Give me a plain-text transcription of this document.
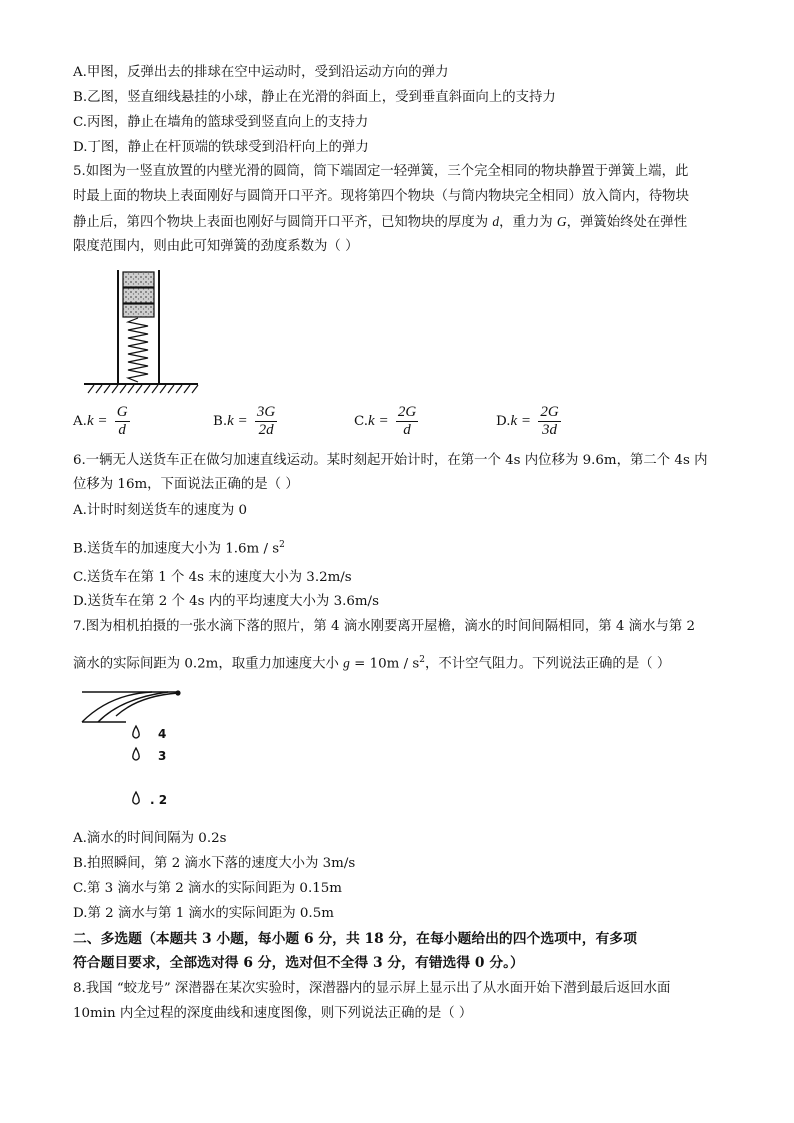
A.甲图，反弹出去的排球在空中运动时，受到沿运动方向的弹力
B.乙图，竖直细线悬挂的小球，静止在光滑的斜面上，受到垂直斜面向上的支持力
C.丙图，静止在墙角的篮球受到竖直向上的支持力
D.丁图，静止在杆顶端的铁球受到沿杆向上的弹力
5.如图为一竖直放置的内壁光滑的圆筒，筒下端固定一轻弹簧，三个完全相同的物块静置于弹簧上端，此
时最上面的物块上表面刚好与圆筒开口平齐。现将第四个物块（与筒内物块完全相同）放入筒内，待物块
静止后，第四个物块上表面也刚好与圆筒开口平齐，已知物块的厚度为 d，重力为 G，弹簧始终处在弹性
限度范围内，则由此可知弹簧的劲度系数为（ ）
$A.k = \frac{G}{d}$	$B.k = \frac{3G}{2d}$	$C.k = \frac{2G}{d}$	$D.k = \frac{2G}{3d}$
6.一辆无人送货车正在做匀加速直线运动。某时刻起开始计时，在第一个 4s 内位移为 9.6m，第二个 4s 内
位移为 16m，下面说法正确的是（ ）
A.计时时刻送货车的速度为 0
B.送货车的加速度大小为 $1.6m / s^2$
C.送货车在第 1 个 4s 末的速度大小为 3.2m/s
D.送货车在第 2 个 4s 内的平均速度大小为 3.6m/s
7.图为相机拍摄的一张水滴下落的照片，第 4 滴水刚要离开屋檐，滴水的时间间隔相同，第 4 滴水与第 2
滴水的实际间距为 0.2m，取重力加速度大小 $g = 10m / s^2$，不计空气阻力。下列说法正确的是（ ）
4
3
. 2
A.滴水的时间间隔为 0.2s
B.拍照瞬间，第 2 滴水下落的速度大小为 3m/s
C.第 3 滴水与第 2 滴水的实际间距为 0.15m
D.第 2 滴水与第 1 滴水的实际间距为 0.5m
二、多选题（本题共 3 小题，每小题 6 分，共 18 分，在每小题给出的四个选项中，有多项
符合题目要求，全部选对得 6 分，选对但不全得 3 分，有错选得 0 分。）
8.我国 “蛟龙号” 深潜器在某次实验时，深潜器内的显示屏上显示出了从水面开始下潜到最后返回水面
10min 内全过程的深度曲线和速度图像，则下列说法正确的是（ ）
